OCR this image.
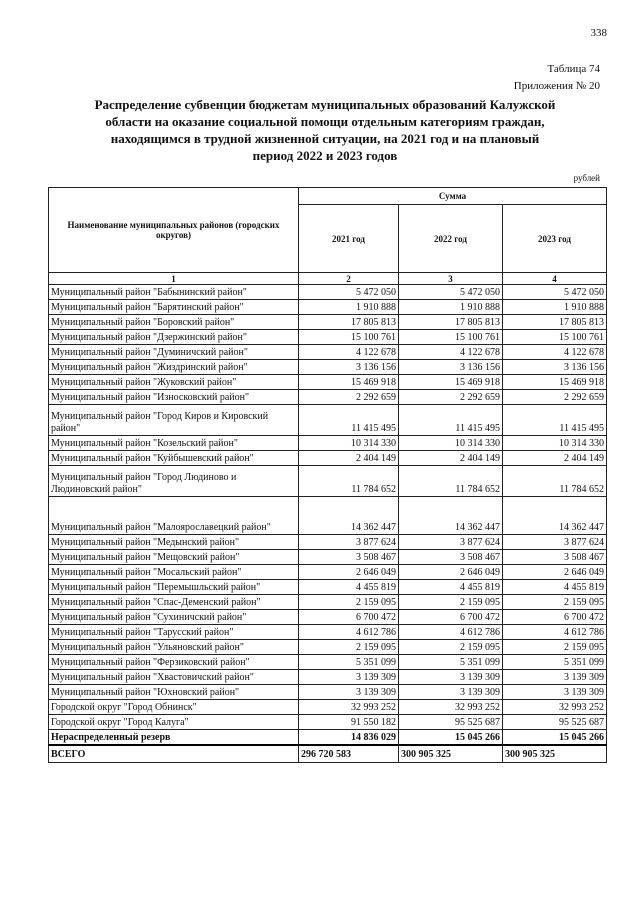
338
Таблица 74
Приложения № 20
Распределение субвенции бюджетам муниципальных образований Калужской области на оказание социальной помощи отдельным категориям граждан, находящимся в трудной жизненной ситуации, на 2021 год и на плановый период 2022 и 2023 годов
рублей
Наименование муниципальных районов (городских округов)	Сумма		
	2021 год	2022 год	2023 год
1	2	3	4
Муниципальный район "Бабынинский район"	5 472 050	5 472 050	5 472 050
Муниципальный район "Барятинский район"	1 910 888	1 910 888	1 910 888
Муниципальный район "Боровский район"	17 805 813	17 805 813	17 805 813
Муниципальный район "Дзержинский район"	15 100 761	15 100 761	15 100 761
Муниципальный район "Думиничский район"	4 122 678	4 122 678	4 122 678
Муниципальный район "Жиздринский район"	3 136 156	3 136 156	3 136 156
Муниципальный район "Жуковский район"	15 469 918	15 469 918	15 469 918
Муниципальный район "Износковский район"	2 292 659	2 292 659	2 292 659
Муниципальный район "Город Киров и Кировский район"	11 415 495	11 415 495	11 415 495
Муниципальный район "Козельский район"	10 314 330	10 314 330	10 314 330
Муниципальный район "Куйбышевский район"	2 404 149	2 404 149	2 404 149
Муниципальный район "Город Людиново и Людиновский район"	11 784 652	11 784 652	11 784 652
Муниципальный район "Малоярославецкий район"	14 362 447	14 362 447	14 362 447
Муниципальный район "Медынский район"	3 877 624	3 877 624	3 877 624
Муниципальный район "Мещовский район"	3 508 467	3 508 467	3 508 467
Муниципальный район "Мосальский район"	2 646 049	2 646 049	2 646 049
Муниципальный район "Перемышльский район"	4 455 819	4 455 819	4 455 819
Муниципальный район "Спас-Деменский район"	2 159 095	2 159 095	2 159 095
Муниципальный район "Сухиничский район"	6 700 472	6 700 472	6 700 472
Муниципальный район "Тарусский район"	4 612 786	4 612 786	4 612 786
Муниципальный район "Ульяновский район"	2 159 095	2 159 095	2 159 095
Муниципальный район "Ферзиковский район"	5 351 099	5 351 099	5 351 099
Муниципальный район "Хвастовичский район"	3 139 309	3 139 309	3 139 309
Муниципальный район "Юхновский район"	3 139 309	3 139 309	3 139 309
Городской округ "Город Обнинск"	32 993 252	32 993 252	32 993 252
Городской округ "Город Калуга"	91 550 182	95 525 687	95 525 687
Нераспределенный резерв	14 836 029	15 045 266	15 045 266
ВСЕГО	296 720 583	300 905 325	300 905 325
